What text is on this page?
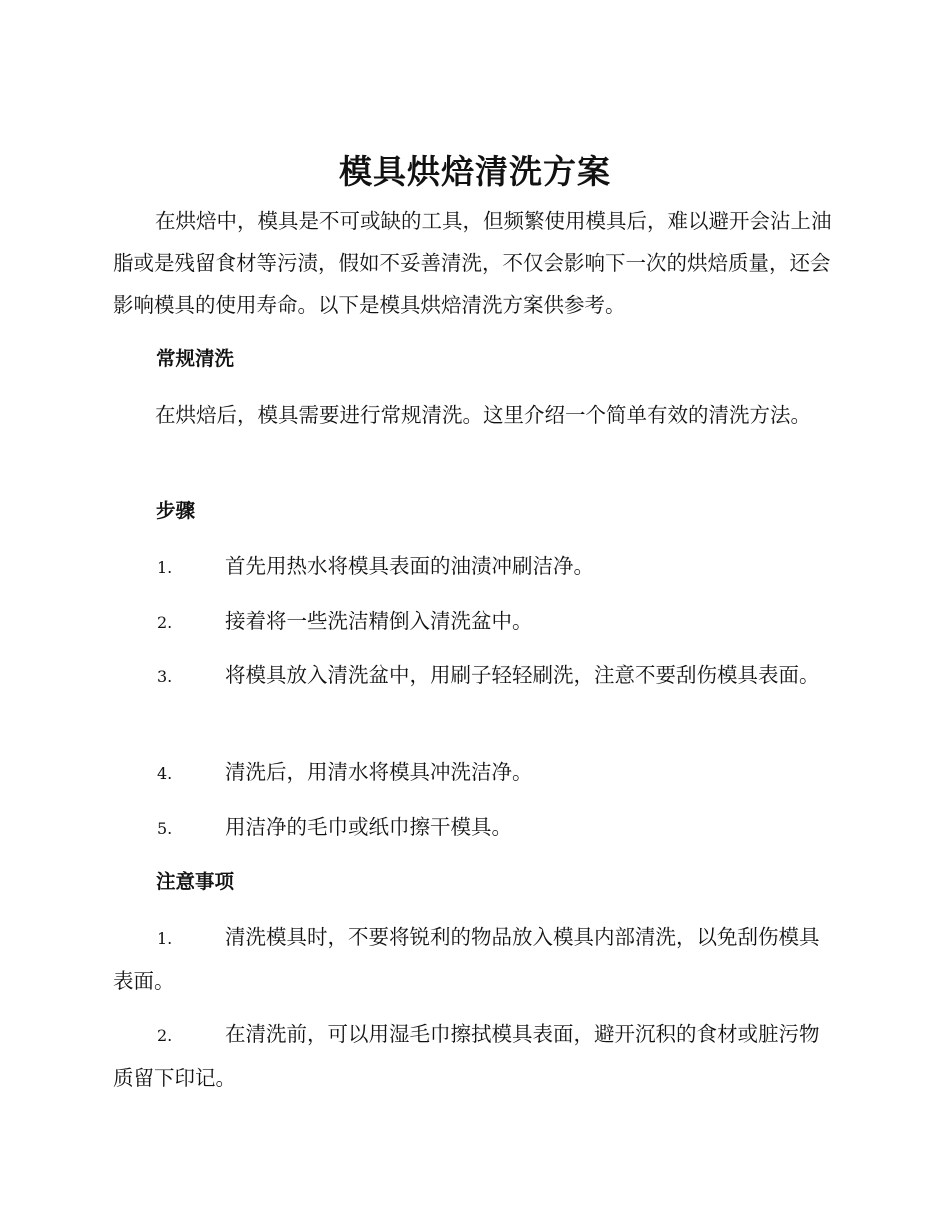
模具烘焙清洗方案

在烘焙中，模具是不可或缺的工具，但频繁使用模具后，难以避开会沾上油脂或是残留食材等污渍，假如不妥善清洗，不仅会影响下一次的烘焙质量，还会影响模具的使用寿命。以下是模具烘焙清洗方案供参考。

常规清洗

在烘焙后，模具需要进行常规清洗。这里介绍一个简单有效的清洗方法。

步骤
1.	首先用热水将模具表面的油渍冲刷洁净。
2.	接着将一些洗洁精倒入清洗盆中。
3.	将模具放入清洗盆中，用刷子轻轻刷洗，注意不要刮伤模具表面。
4.	清洗后，用清水将模具冲洗洁净。
5.	用洁净的毛巾或纸巾擦干模具。
注意事项
1.	清洗模具时，不要将锐利的物品放入模具内部清洗，以免刮伤模具表面。
2.	在清洗前，可以用湿毛巾擦拭模具表面，避开沉积的食材或脏污物质留下印记。
